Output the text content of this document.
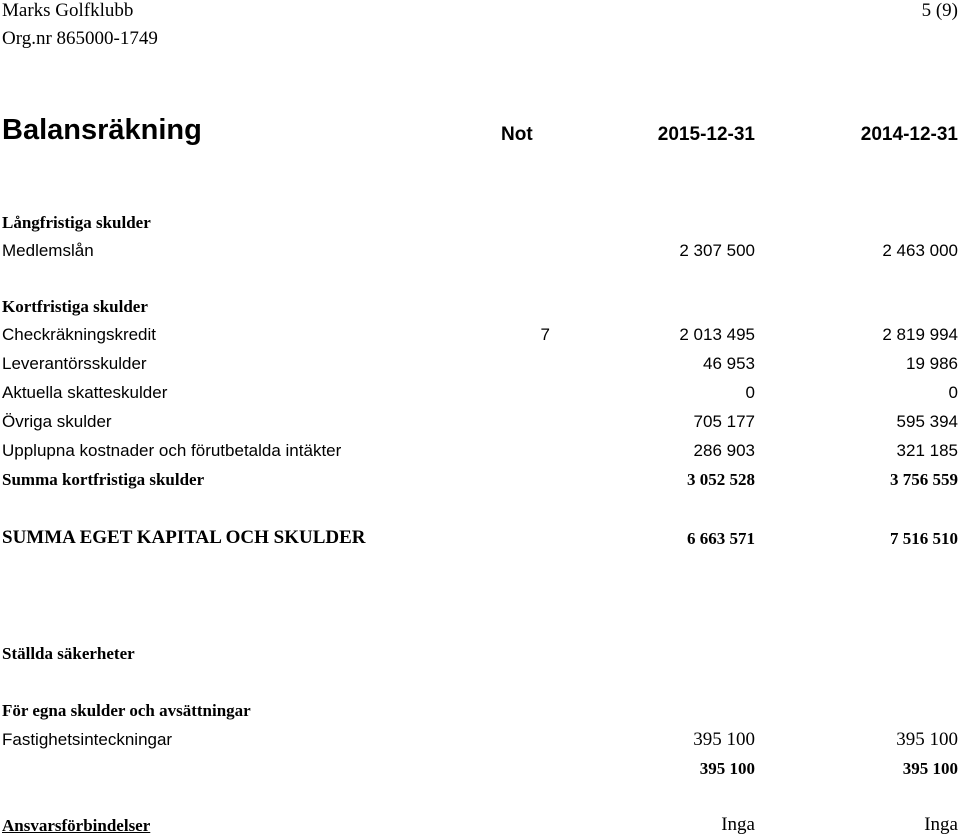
Marks Golfklubb	5 (9)
Org.nr 865000-1749
Balansräkning	Not	2015-12-31	2014-12-31
Långfristiga skulder
Medlemslån	2 307 500	2 463 000
Kortfristiga skulder
Checkräkningskredit	7	2 013 495	2 819 994
Leverantörsskulder	46 953	19 986
Aktuella skatteskulder	0	0
Övriga skulder	705 177	595 394
Upplupna kostnader och förutbetalda intäkter	286 903	321 185
Summa kortfristiga skulder	3 052 528	3 756 559
SUMMA EGET KAPITAL OCH SKULDER	6 663 571	7 516 510
Ställda säkerheter
För egna skulder och avsättningar
Fastighetsinteckningar	395 100	395 100
395 100	395 100
Ansvarsförbindelser	Inga	Inga
